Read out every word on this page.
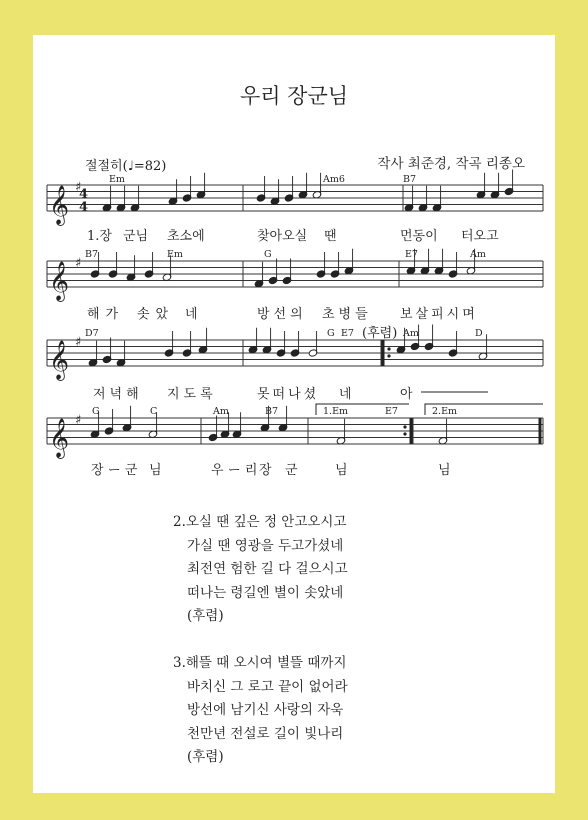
우리 장군님
절절히(♩=82)	작사 최준경, 작곡 리종오
𝄞 ♯
𝄞 ♯
𝄞 ♯
𝄞 ♯
4
4
Em	Am6	B7
B7	Em	G	E7	Am
D7	G E7 (후렴) Am	D
G	C	Am	B7	1.Em	E7	2.Em
1.장 군님 초소에	찾아오실 땐	먼동이 터오고
해가 솟았 네	방선의 초병들 보살피시며
저녁해 지도록	못떠나셨 네	아
장 ー 군 님	우 ー 리 장 군	님	님
2.오실 땐 깊은 정 안고오시고
가실 땐 영광을 두고가셨네
최전연 험한 길 다 걸으시고
떠나는 령길엔 별이 솟았네
(후렴)
3.해뜰 때 오시여 별뜰 때까지
바치신 그 로고 끝이 없어라
방선에 남기신 사랑의 자욱
천만년 전설로 길이 빛나리
(후렴)
